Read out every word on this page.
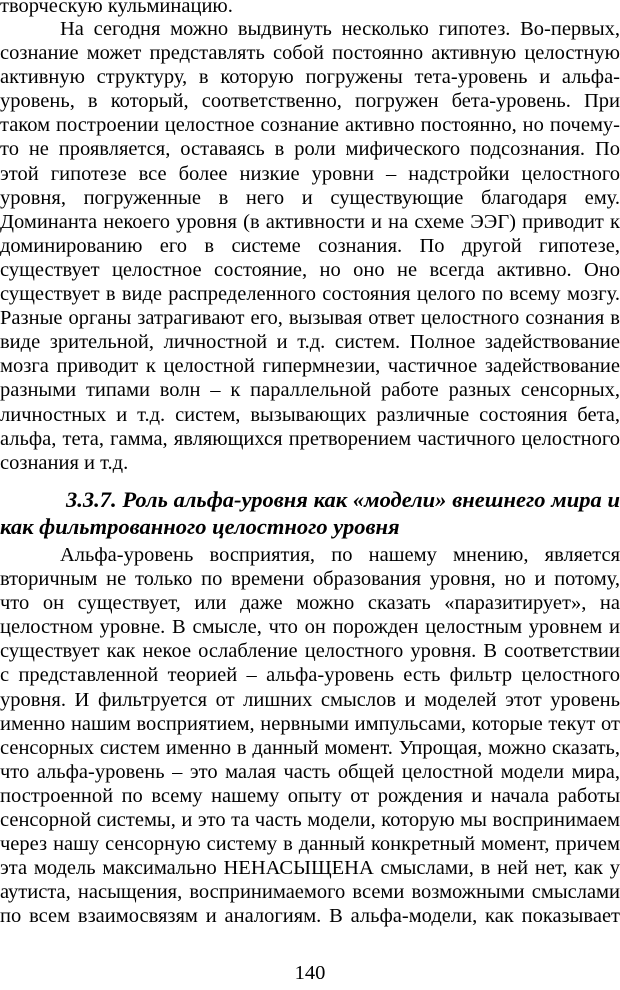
творческую кульминацию.

На сегодня можно выдвинуть несколько гипотез. Во-первых, сознание может представлять собой постоянно активную целостную активную структуру, в которую погружены тета-уровень и альфа-уровень, в который, соответственно, погружен бета-уровень. При таком построении целостное сознание активно постоянно, но почему-то не проявляется, оставаясь в роли мифического подсознания. По этой гипотезе все более низкие уровни – надстройки целостного уровня, погруженные в него и существующие благодаря ему. Доминанта некоего уровня (в активности и на схеме ЭЭГ) приводит к доминированию его в системе сознания. По другой гипотезе, существует целостное состояние, но оно не всегда активно. Оно существует в виде распределенного состояния целого по всему мозгу. Разные органы затрагивают его, вызывая ответ целостного сознания в виде зрительной, личностной и т.д. систем. Полное задействование мозга приводит к целостной гипермнезии, частичное задействование разными типами волн – к параллельной работе разных сенсорных, личностных и т.д. систем, вызывающих различные состояния бета, альфа, тета, гамма, являющихся претворением частичного целостного сознания и т.д.

3.3.7. Роль альфа-уровня как «модели» внешнего мира и как фильтрованного целостного уровня

Альфа-уровень восприятия, по нашему мнению, является вторичным не только по времени образования уровня, но и потому, что он существует, или даже можно сказать «паразитирует», на целостном уровне. В смысле, что он порожден целостным уровнем и существует как некое ослабление целостного уровня. В соответствии с представленной теорией – альфа-уровень есть фильтр целостного уровня. И фильтруется от лишних смыслов и моделей этот уровень именно нашим восприятием, нервными импульсами, которые текут от сенсорных систем именно в данный момент. Упрощая, можно сказать, что альфа-уровень – это малая часть общей целостной модели мира, построенной по всему нашему опыту от рождения и начала работы сенсорной системы, и это та часть модели, которую мы воспринимаем через нашу сенсорную систему в данный конкретный момент, причем эта модель максимально НЕНАСЫЩЕНА смыслами, в ней нет, как у аутиста, насыщения, воспринимаемого всеми возможными смыслами по всем взаимосвязям и аналогиям. В альфа-модели, как показывает

140
